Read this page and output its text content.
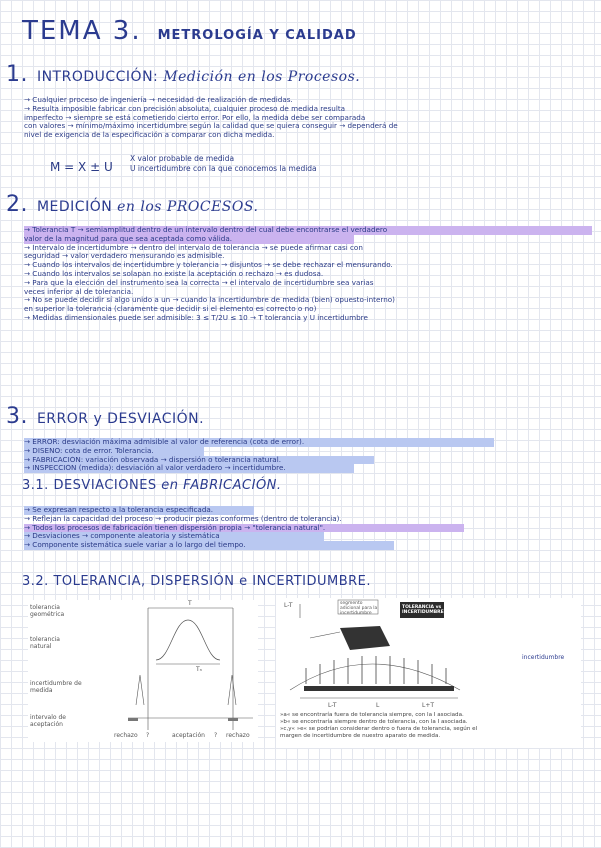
TEMA 3. METROLOGÍA Y CALIDAD
1. INTRODUCCIÓN: Medición en los Procesos.
→ Cualquier proceso de ingeniería → necesidad de realización de medidas.
→ Resulta imposible fabricar con precisión absoluta, cualquier proceso de medida resulta
imperfecto → siempre se está cometiendo cierto error. Por ello, la medida debe ser comparada
con valores → mínimo/máximo incertidumbre según la calidad que se quiera conseguir → dependerá de
nivel de exigencia de la especificación a comparar con dicha medida.
M = X ± U
X valor probable de medida
U incertidumbre con la que conocemos la medida
2. MEDICIÓN en los PROCESOS.
→ Tolerancia T → semiamplitud dentro de un intervalo dentro del cual debe encontrarse el verdadero
valor de la magnitud para que sea aceptada como válida.
→ Intervalo de incertidumbre → dentro del intervalo de tolerancia → se puede afirmar casi con
seguridad → valor verdadero mensurando es admisible.
→ Cuando los intervalos de incertidumbre y tolerancia → disjuntos → se debe rechazar el mensurando.
→ Cuando los intervalos se solapan no existe la aceptación o rechazo → es dudosa.
→ Para que la elección del instrumento sea la correcta → el intervalo de incertidumbre sea varias
veces inferior al de tolerancia.
→ No se puede decidir sí algo unido a un → cuando la incertidumbre de medida (bien) opuesto-interno)
en superior la tolerancia (claramente que decidir si el elemento es correcto o no)
→ Medidas dimensionales puede ser admisible: 3 ≤ T/2U ≤ 10 → T tolerancia y U incertidumbre
3. ERROR y DESVIACIÓN.
→ ERROR: desviación máxima admisible al valor de referencia (cota de error).
→ DISEÑO: cota de error. Tolerancia.
→ FABRICACIÓN: variación observada → dispersión o tolerancia natural.
→ INSPECCIÓN (medida): desviación al valor verdadero → incertidumbre.
3.1. DESVIACIONES en FABRICACIÓN.
→ Se expresan respecto a la tolerancia especificada.
→ Reflejan la capacidad del proceso → producir piezas conformes (dentro de tolerancia).
→ Todos los procesos de fabricación tienen dispersión propia → "tolerancia natural".
→ Desviaciones → componente aleatoria y sistemática
→ Componente sistemática suele variar a lo largo del tiempo.
3.2. TOLERANCIA, DISPERSIÓN e INCERTIDUMBRE.
tolerancia geométrica
tolerancia natural
incertidumbre de medida
intervalo de aceptación
T
Tₙ
rechazo ?	aceptación ? rechazo
L-T	segmento adicional para la incertidumbre
TOLERANCIA vs INCERTIDUMBRE
incertidumbre
L-T	L	L+T
»a« se encontraría fuera de tolerancia siempre, con la I asociada.
»b« se encontraría siempre dentro de tolerancia, con la I asociada.
»c,y« »e« se podrían considerar dentro o fuera de tolerancia, según el
margen de incertidumbre de nuestro aparato de medida.
